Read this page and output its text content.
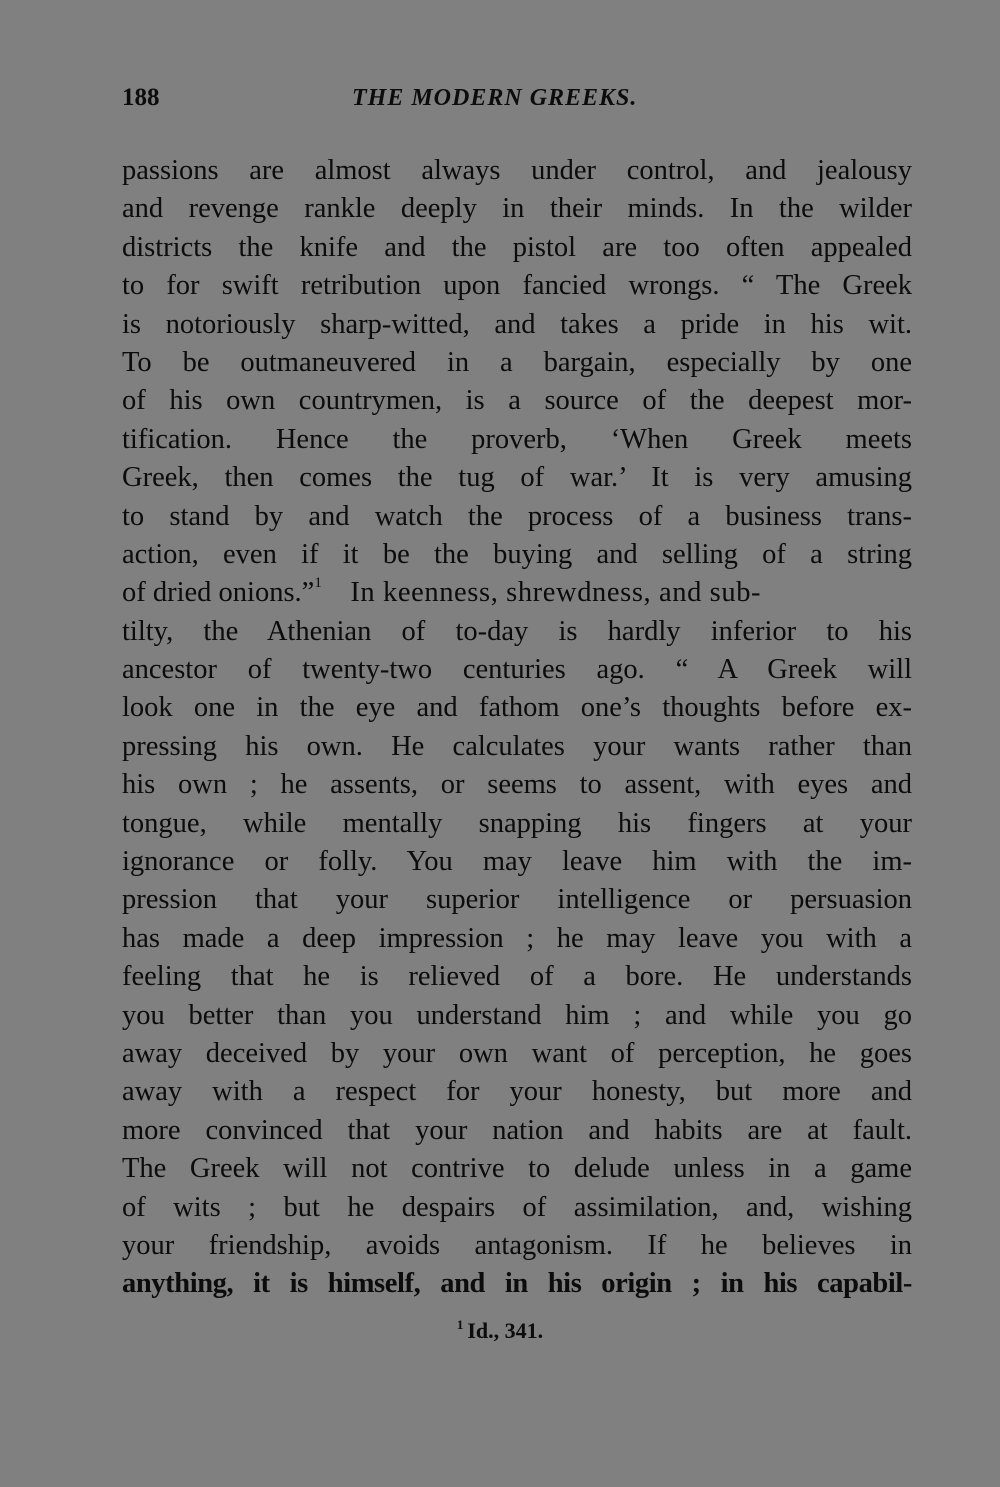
188	THE MODERN GREEKS.
passions are almost always under control, and jealousy
and revenge rankle deeply in their minds. In the wilder
districts the knife and the pistol are too often appealed
to for swift retribution upon fancied wrongs. “ The Greek
is notoriously sharp-witted, and takes a pride in his wit.
To be outmaneuvered in a bargain, especially by one
of his own countrymen, is a source of the deepest mor-
tification. Hence the proverb, ‘When Greek meets
Greek, then comes the tug of war.’ It is very amusing
to stand by and watch the process of a business trans-
action, even if it be the buying and selling of a string
of dried onions.”$^1$ In keenness, shrewdness, and sub-
tilty, the Athenian of to-day is hardly inferior to his
ancestor of twenty-two centuries ago. “ A Greek will
look one in the eye and fathom one’s thoughts before ex-
pressing his own. He calculates your wants rather than
his own ; he assents, or seems to assent, with eyes and
tongue, while mentally snapping his fingers at your
ignorance or folly. You may leave him with the im-
pression that your superior intelligence or persuasion
has made a deep impression ; he may leave you with a
feeling that he is relieved of a bore. He understands
you better than you understand him ; and while you go
away deceived by your own want of perception, he goes
away with a respect for your honesty, but more and
more convinced that your nation and habits are at fault.
The Greek will not contrive to delude unless in a game
of wits ; but he despairs of assimilation, and, wishing
your friendship, avoids antagonism. If he believes in
anything, it is himself, and in his origin ; in his capabil-
$^1$ Id., 341.
